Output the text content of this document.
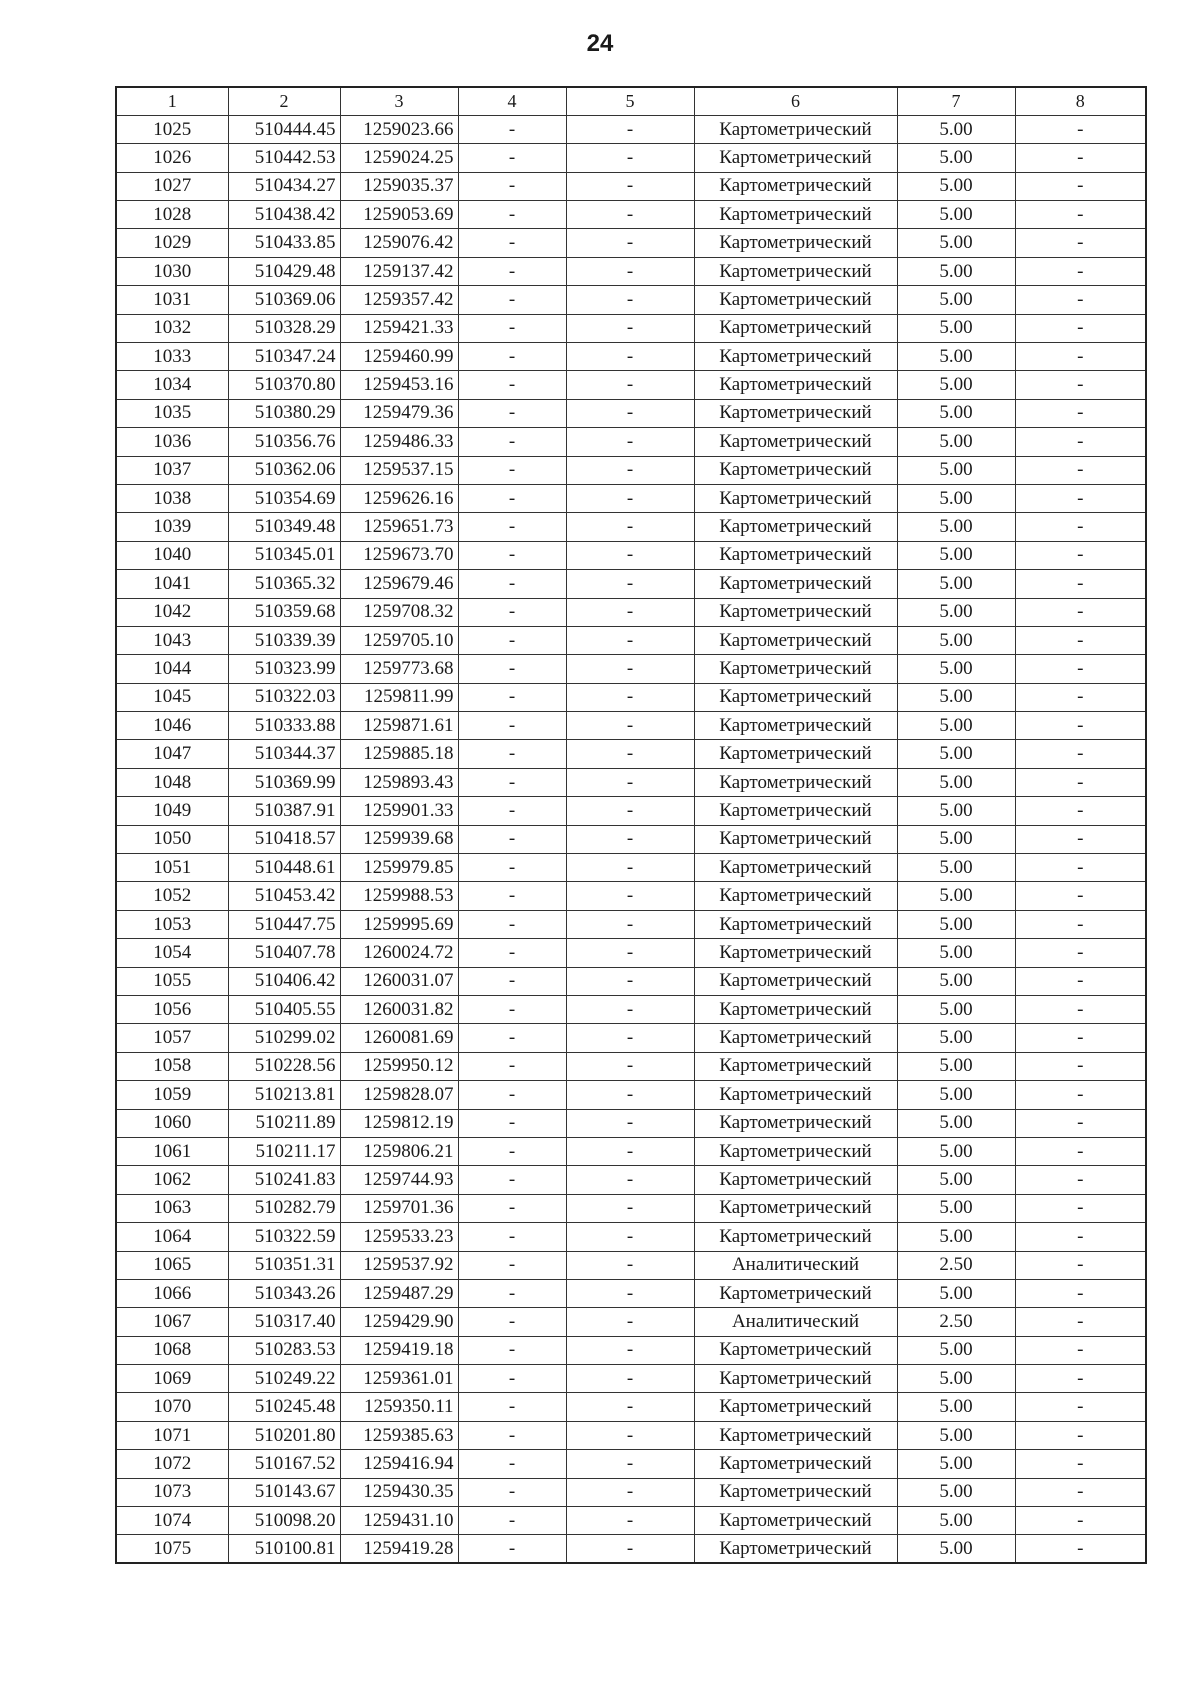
24
1	2	3	4	5	6	7	8
1025	510444.45	1259023.66	-	-	Картометрический	5.00	-
1026	510442.53	1259024.25	-	-	Картометрический	5.00	-
1027	510434.27	1259035.37	-	-	Картометрический	5.00	-
1028	510438.42	1259053.69	-	-	Картометрический	5.00	-
1029	510433.85	1259076.42	-	-	Картометрический	5.00	-
1030	510429.48	1259137.42	-	-	Картометрический	5.00	-
1031	510369.06	1259357.42	-	-	Картометрический	5.00	-
1032	510328.29	1259421.33	-	-	Картометрический	5.00	-
1033	510347.24	1259460.99	-	-	Картометрический	5.00	-
1034	510370.80	1259453.16	-	-	Картометрический	5.00	-
1035	510380.29	1259479.36	-	-	Картометрический	5.00	-
1036	510356.76	1259486.33	-	-	Картометрический	5.00	-
1037	510362.06	1259537.15	-	-	Картометрический	5.00	-
1038	510354.69	1259626.16	-	-	Картометрический	5.00	-
1039	510349.48	1259651.73	-	-	Картометрический	5.00	-
1040	510345.01	1259673.70	-	-	Картометрический	5.00	-
1041	510365.32	1259679.46	-	-	Картометрический	5.00	-
1042	510359.68	1259708.32	-	-	Картометрический	5.00	-
1043	510339.39	1259705.10	-	-	Картометрический	5.00	-
1044	510323.99	1259773.68	-	-	Картометрический	5.00	-
1045	510322.03	1259811.99	-	-	Картометрический	5.00	-
1046	510333.88	1259871.61	-	-	Картометрический	5.00	-
1047	510344.37	1259885.18	-	-	Картометрический	5.00	-
1048	510369.99	1259893.43	-	-	Картометрический	5.00	-
1049	510387.91	1259901.33	-	-	Картометрический	5.00	-
1050	510418.57	1259939.68	-	-	Картометрический	5.00	-
1051	510448.61	1259979.85	-	-	Картометрический	5.00	-
1052	510453.42	1259988.53	-	-	Картометрический	5.00	-
1053	510447.75	1259995.69	-	-	Картометрический	5.00	-
1054	510407.78	1260024.72	-	-	Картометрический	5.00	-
1055	510406.42	1260031.07	-	-	Картометрический	5.00	-
1056	510405.55	1260031.82	-	-	Картометрический	5.00	-
1057	510299.02	1260081.69	-	-	Картометрический	5.00	-
1058	510228.56	1259950.12	-	-	Картометрический	5.00	-
1059	510213.81	1259828.07	-	-	Картометрический	5.00	-
1060	510211.89	1259812.19	-	-	Картометрический	5.00	-
1061	510211.17	1259806.21	-	-	Картометрический	5.00	-
1062	510241.83	1259744.93	-	-	Картометрический	5.00	-
1063	510282.79	1259701.36	-	-	Картометрический	5.00	-
1064	510322.59	1259533.23	-	-	Картометрический	5.00	-
1065	510351.31	1259537.92	-	-	Аналитический	2.50	-
1066	510343.26	1259487.29	-	-	Картометрический	5.00	-
1067	510317.40	1259429.90	-	-	Аналитический	2.50	-
1068	510283.53	1259419.18	-	-	Картометрический	5.00	-
1069	510249.22	1259361.01	-	-	Картометрический	5.00	-
1070	510245.48	1259350.11	-	-	Картометрический	5.00	-
1071	510201.80	1259385.63	-	-	Картометрический	5.00	-
1072	510167.52	1259416.94	-	-	Картометрический	5.00	-
1073	510143.67	1259430.35	-	-	Картометрический	5.00	-
1074	510098.20	1259431.10	-	-	Картометрический	5.00	-
1075	510100.81	1259419.28	-	-	Картометрический	5.00	-
